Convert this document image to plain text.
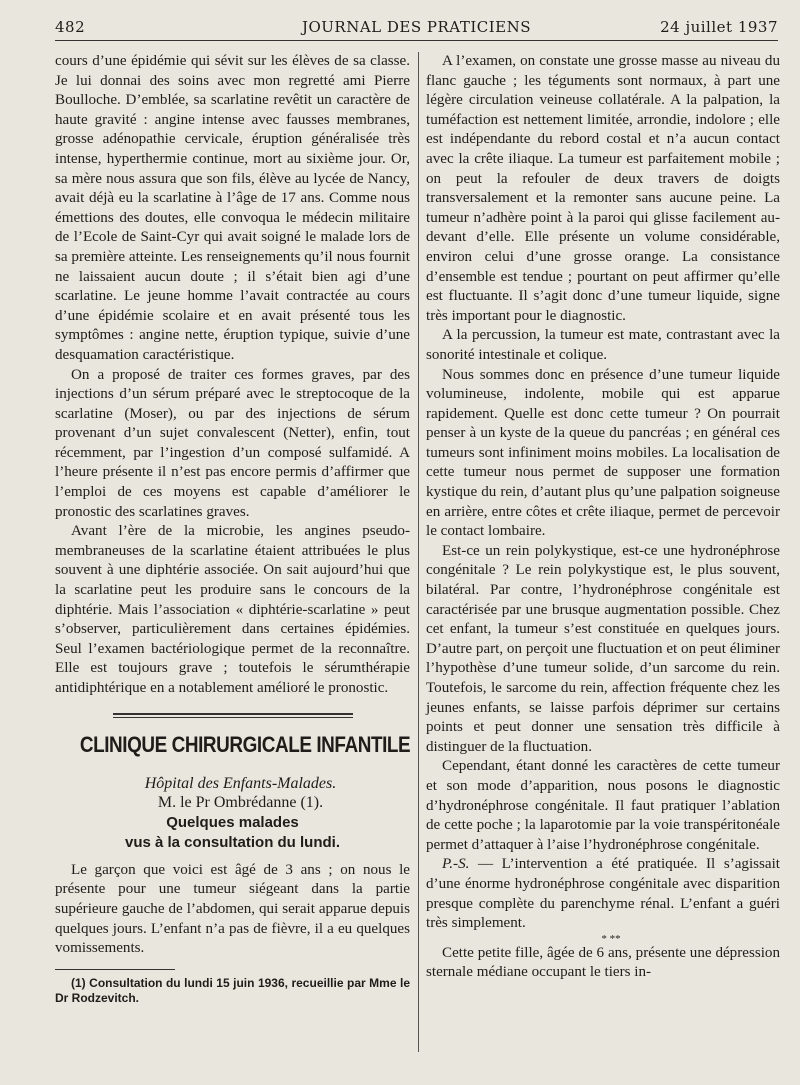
482	JOURNAL DES PRATICIENS	24 juillet 1937

cours d’une épidémie qui sévit sur les élèves de sa classe. Je lui donnai des soins avec mon regretté ami Pierre Boulloche. D’emblée, sa scarlatine revêtit un caractère de haute gravité : angine intense avec fausses membranes, grosse adénopathie cervicale, éruption généralisée très intense, hyperthermie continue, mort au sixième jour. Or, sa mère nous assura que son fils, élève au lycée de Nancy, avait déjà eu la scarlatine à l’âge de 17 ans. Comme nous émettions des doutes, elle convoqua le médecin militaire de l’Ecole de Saint-Cyr qui avait soigné le malade lors de sa première atteinte. Les renseignements qu’il nous fournit ne laissaient aucun doute ; il s’était bien agi d’une scarlatine. Le jeune homme l’avait contractée au cours d’une épidémie scolaire et en avait présenté tous les symptômes : angine nette, éruption typique, suivie d’une desquamation caractéristique.

On a proposé de traiter ces formes graves, par des injections d’un sérum préparé avec le streptocoque de la scarlatine (Moser), ou par des injections de sérum provenant d’un sujet convalescent (Netter), enfin, tout récemment, par l’ingestion d’un composé sulfamidé. A l’heure présente il n’est pas encore permis d’affirmer que l’emploi de ces moyens est capable d’améliorer le pronostic des scarlatines graves.

Avant l’ère de la microbie, les angines pseudo-membraneuses de la scarlatine étaient attribuées le plus souvent à une diphtérie associée. On sait aujourd’hui que la scarlatine peut les produire sans le concours de la diphtérie. Mais l’association « diphtérie-scarlatine » peut s’observer, particulièrement dans certaines épidémies. Seul l’examen bactériologique permet de la reconnaître. Elle est toujours grave ; toutefois le sérumthérapie antidiphtérique en a notablement amélioré le pronostic.

CLINIQUE CHIRURGICALE INFANTILE

Hôpital des Enfants-Malades.

M. le Pr Ombrédanne (1).

Quelques malades
vus à la consultation du lundi.

Le garçon que voici est âgé de 3 ans ; on nous le présente pour une tumeur siégeant dans la partie supérieure gauche de l’abdomen, qui serait apparue depuis quelques jours. L’enfant n’a pas de fièvre, il a eu quelques vomissements.

(1) Consultation du lundi 15 juin 1936, recueillie par Mme le Dr Rodzevitch.

A l’examen, on constate une grosse masse au niveau du flanc gauche ; les téguments sont normaux, à part une légère circulation veineuse collatérale. A la palpation, la tuméfaction est nettement limitée, arrondie, indolore ; elle est indépendante du rebord costal et n’a aucun contact avec la crête iliaque. La tumeur est parfaitement mobile ; on peut la refouler de deux travers de doigts transversalement et la remonter sans aucune peine. La tumeur n’adhère point à la paroi qui glisse facilement au-devant d’elle. Elle présente un volume considérable, environ celui d’une grosse orange. La consistance d’ensemble est tendue ; pourtant on peut affirmer qu’elle est fluctuante. Il s’agit donc d’une tumeur liquide, signe très important pour le diagnostic.

A la percussion, la tumeur est mate, contrastant avec la sonorité intestinale et colique.

Nous sommes donc en présence d’une tumeur liquide volumineuse, indolente, mobile qui est apparue rapidement. Quelle est donc cette tumeur ? On pourrait penser à un kyste de la queue du pancréas ; en général ces tumeurs sont infiniment moins mobiles. La localisation de cette tumeur nous permet de supposer une formation kystique du rein, d’autant plus qu’une palpation soigneuse en arrière, entre côtes et crête iliaque, permet de percevoir le contact lombaire.

Est-ce un rein polykystique, est-ce une hydronéphrose congénitale ? Le rein polykystique est, le plus souvent, bilatéral. Par contre, l’hydronéphrose congénitale est caractérisée par une brusque augmentation possible. Chez cet enfant, la tumeur s’est constituée en quelques jours. D’autre part, on perçoit une fluctuation et on peut éliminer l’hypothèse d’une tumeur solide, d’un sarcome du rein. Toutefois, le sarcome du rein, affection fréquente chez les jeunes enfants, se laisse parfois déprimer sur certains points et peut donner une sensation très difficile à distinguer de la fluctuation.

Cependant, étant donné les caractères de cette tumeur et son mode d’apparition, nous posons le diagnostic d’hydronéphrose congénitale. Il faut pratiquer l’ablation de cette poche ; la laparotomie par la voie transpéritonéale permet d’attaquer à l’aise l’hydronéphrose congénitale.

P.-S. — L’intervention a été pratiquée. Il s’agissait d’une énorme hydronéphrose congénitale avec disparition presque complète du parenchyme rénal. L’enfant a guéri très simplement.

* **

Cette petite fille, âgée de 6 ans, présente une dépression sternale médiane occupant le tiers in-
